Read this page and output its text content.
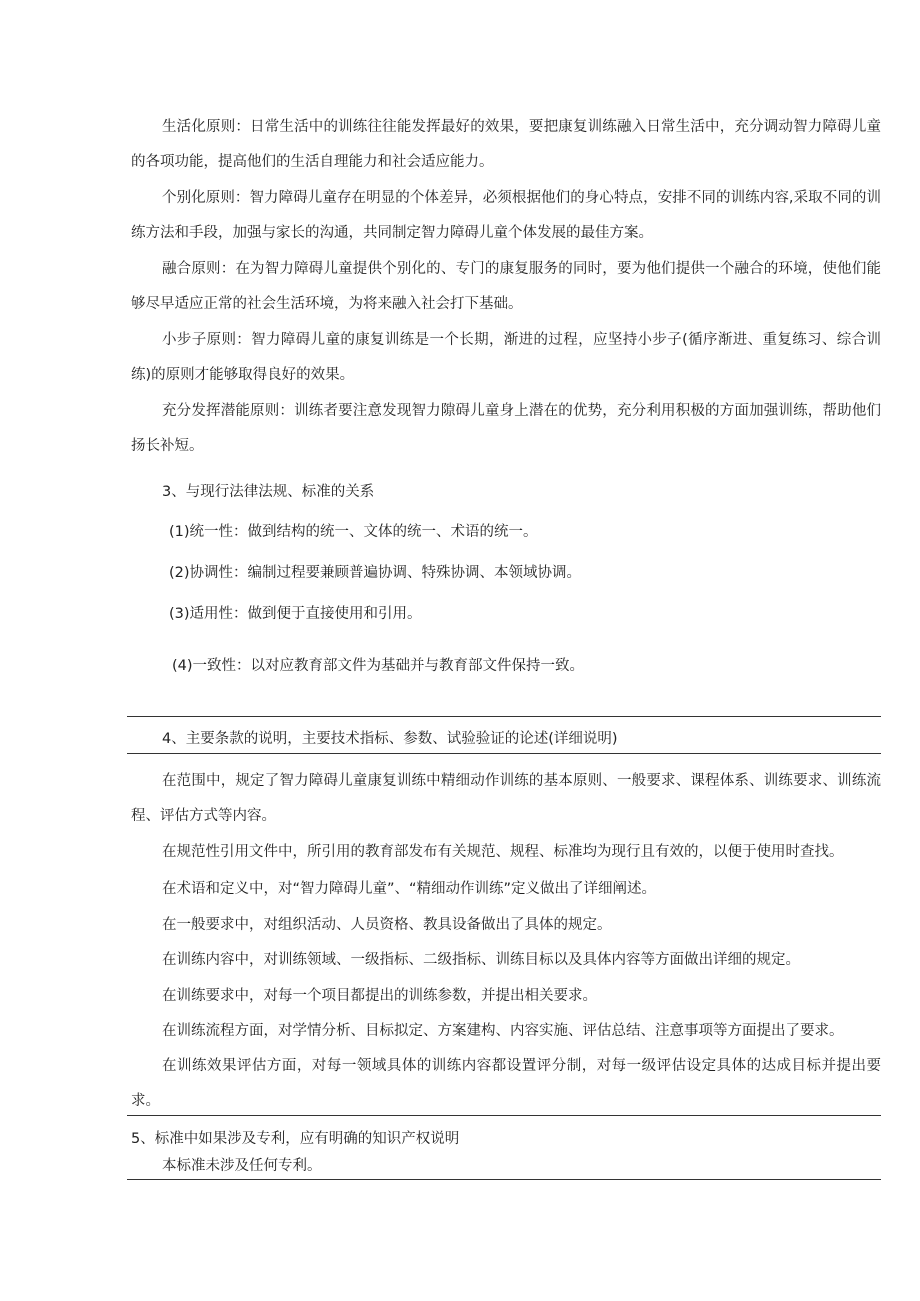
生活化原则：日常生活中的训练往往能发挥最好的效果，要把康复训练融入日常生活中，充分调动智力障碍儿童的各项功能，提高他们的生活自理能力和社会适应能力。

个别化原则：智力障碍儿童存在明显的个体差异，必须根据他们的身心特点，安排不同的训练内容,采取不同的训练方法和手段，加强与家长的沟通，共同制定智力障碍儿童个体发展的最佳方案。

融合原则：在为智力障碍儿童提供个别化的、专门的康复服务的同时，要为他们提供一个融合的环境，使他们能够尽早适应正常的社会生活环境，为将来融入社会打下基础。

小步子原则：智力障碍儿童的康复训练是一个长期，渐进的过程，应坚持小步子(循序渐进、重复练习、综合训练)的原则才能够取得良好的效果。

充分发挥潜能原则：训练者要注意发现智力隙碍儿童身上潜在的优势，充分利用积极的方面加强训练，帮助他们扬长补短。

3、与现行法律法规、标准的关系

(1)统一性：做到结构的统一、文体的统一、术语的统一。

(2)协调性：编制过程要兼顾普遍协调、特殊协调、本领域协调。

(3)适用性：做到便于直接使用和引用。

(4)一致性：以对应教育部文件为基础并与教育部文件保持一致。

4、主要条款的说明，主要技术指标、参数、试验验证的论述(详细说明)

在范围中，规定了智力障碍儿童康复训练中精细动作训练的基本原则、一般要求、课程体系、训练要求、训练流程、评估方式等内容。

在规范性引用文件中，所引用的教育部发布有关规范、规程、标准均为现行且有效的，以便于使用时查找。

在术语和定义中，对“智力障碍儿童”、“精细动作训练”定义做出了详细阐述。

在一般要求中，对组织活动、人员资格、教具设备做出了具体的规定。

在训练内容中，对训练领域、一级指标、二级指标、训练目标以及具体内容等方面做出详细的规定。

在训练要求中，对每一个项目都提出的训练参数，并提出相关要求。

在训练流程方面，对学情分析、目标拟定、方案建构、内容实施、评估总结、注意事项等方面提出了要求。

在训练效果评估方面，对每一领域具体的训练内容都设置评分制，对每一级评估设定具体的达成目标并提出要求。

5、标准中如果涉及专利，应有明确的知识产权说明

本标准未涉及任何专利。
